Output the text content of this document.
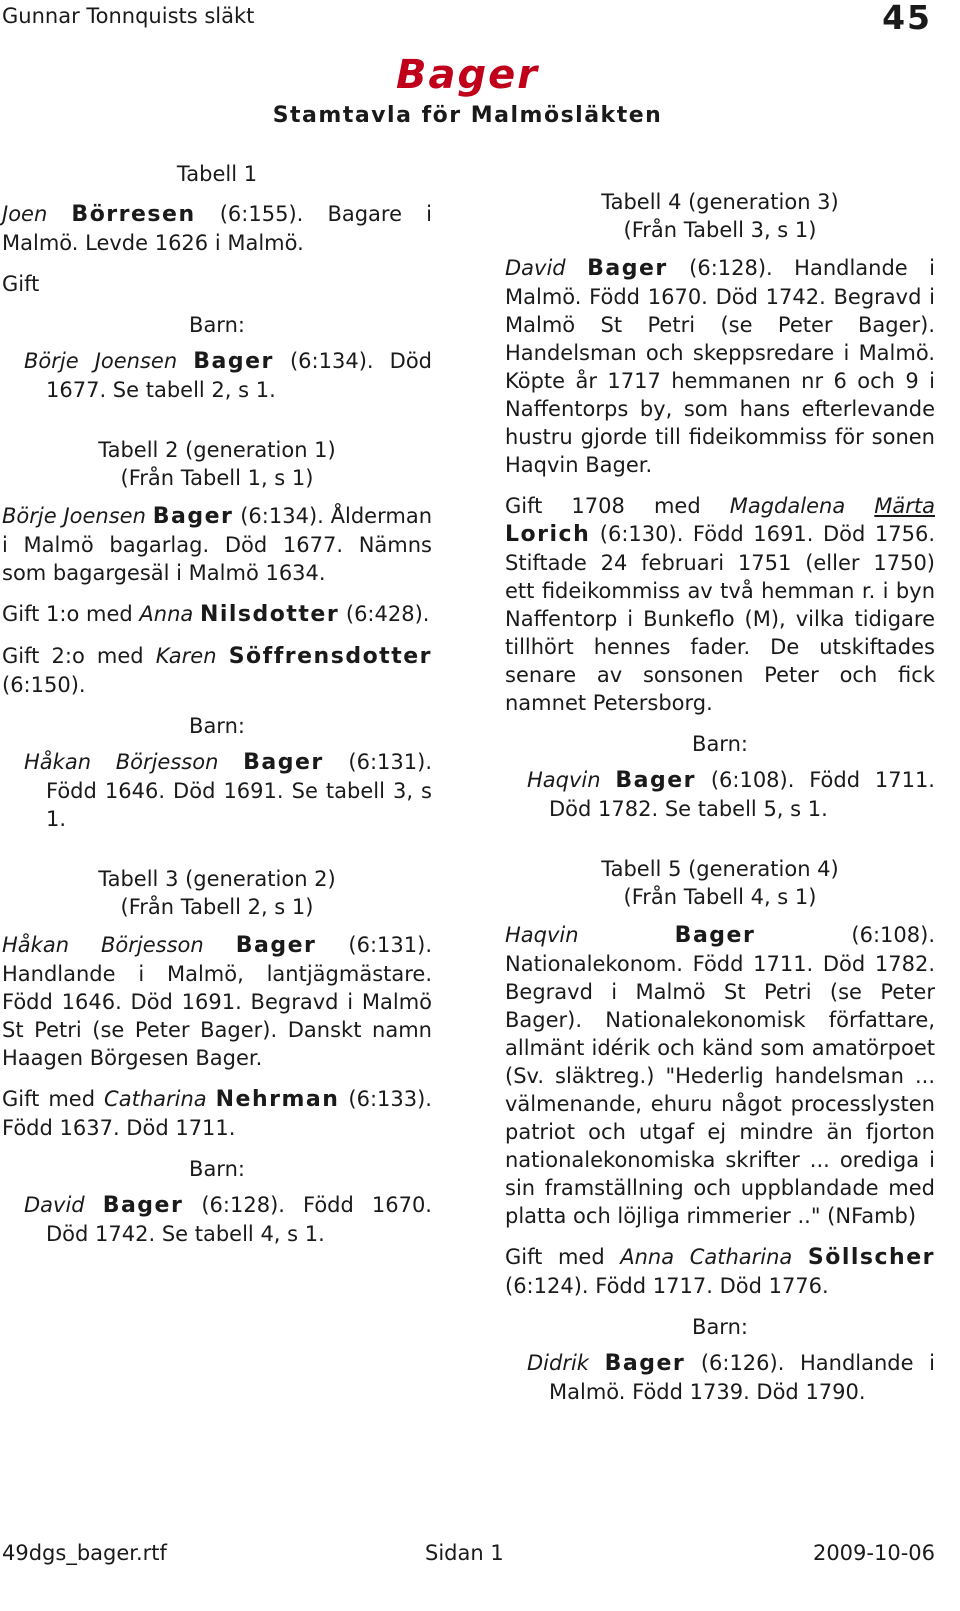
Gunnar Tonnquists släkt	45
Bager
Stamtavla för Malmösläkten
Tabell 1

Joen Börresen (6:155). Bagare i Malmö. Levde 1626 i Malmö.

Gift

Barn:
Börje Joensen Bager (6:134). Död 1677. Se tabell 2, s 1.
Tabell 2 (generation 1)
(Från Tabell 1, s 1)

Börje Joensen Bager (6:134). Ålderman i Malmö bagarlag. Död 1677. Nämns som bagargesäl i Malmö 1634.

Gift 1:o med Anna Nilsdotter (6:428).

Gift 2:o med Karen Söffrensdotter (6:150).

Barn:
Håkan Börjesson Bager (6:131). Född 1646. Död 1691. Se tabell 3, s 1.
Tabell 3 (generation 2)
(Från Tabell 2, s 1)

Håkan Börjesson Bager (6:131). Handlande i Malmö, lantjägmästare. Född 1646. Död 1691. Begravd i Malmö St Petri (se Peter Bager). Danskt namn Haagen Börgesen Bager.

Gift med Catharina Nehrman (6:133). Född 1637. Död 1711.

Barn:
David Bager (6:128). Född 1670. Död 1742. Se tabell 4, s 1.
Tabell 4 (generation 3)
(Från Tabell 3, s 1)

David Bager (6:128). Handlande i Malmö. Född 1670. Död 1742. Begravd i Malmö St Petri (se Peter Bager). Handelsman och skeppsredare i Malmö. Köpte år 1717 hemmanen nr 6 och 9 i Naffentorps by, som hans efterlevande hustru gjorde till fideikommiss för sonen Haqvin Bager.

Gift 1708 med Magdalena Märta Lorich (6:130). Född 1691. Död 1756. Stiftade 24 februari 1751 (eller 1750) ett fideikommiss av två hemman r. i byn Naffentorp i Bunkeflo (M), vilka tidigare tillhört hennes fader. De utskiftades senare av sonsonen Peter och fick namnet Petersborg.

Barn:
Haqvin Bager (6:108). Född 1711. Död 1782. Se tabell 5, s 1.
Tabell 5 (generation 4)
(Från Tabell 4, s 1)

Haqvin	Bager (6:108). Nationalekonom. Född 1711. Död 1782. Begravd i Malmö St Petri (se Peter Bager). Nationalekonomisk författare, allmänt idérik och känd som amatörpoet (Sv. släktreg.) "Hederlig handelsman ... välmenande, ehuru något processlysten patriot och utgaf ej mindre än fjorton nationalekonomiska skrifter ... orediga i sin framställning och uppblandade med platta och löjliga rimmerier .." (NFamb)

Gift med Anna Catharina Söllscher (6:124). Född 1717. Död 1776.

Barn:
Didrik Bager (6:126). Handlande i Malmö. Född 1739. Död 1790.
49dgs_bager.rtf	Sidan 1	2009-10-06
